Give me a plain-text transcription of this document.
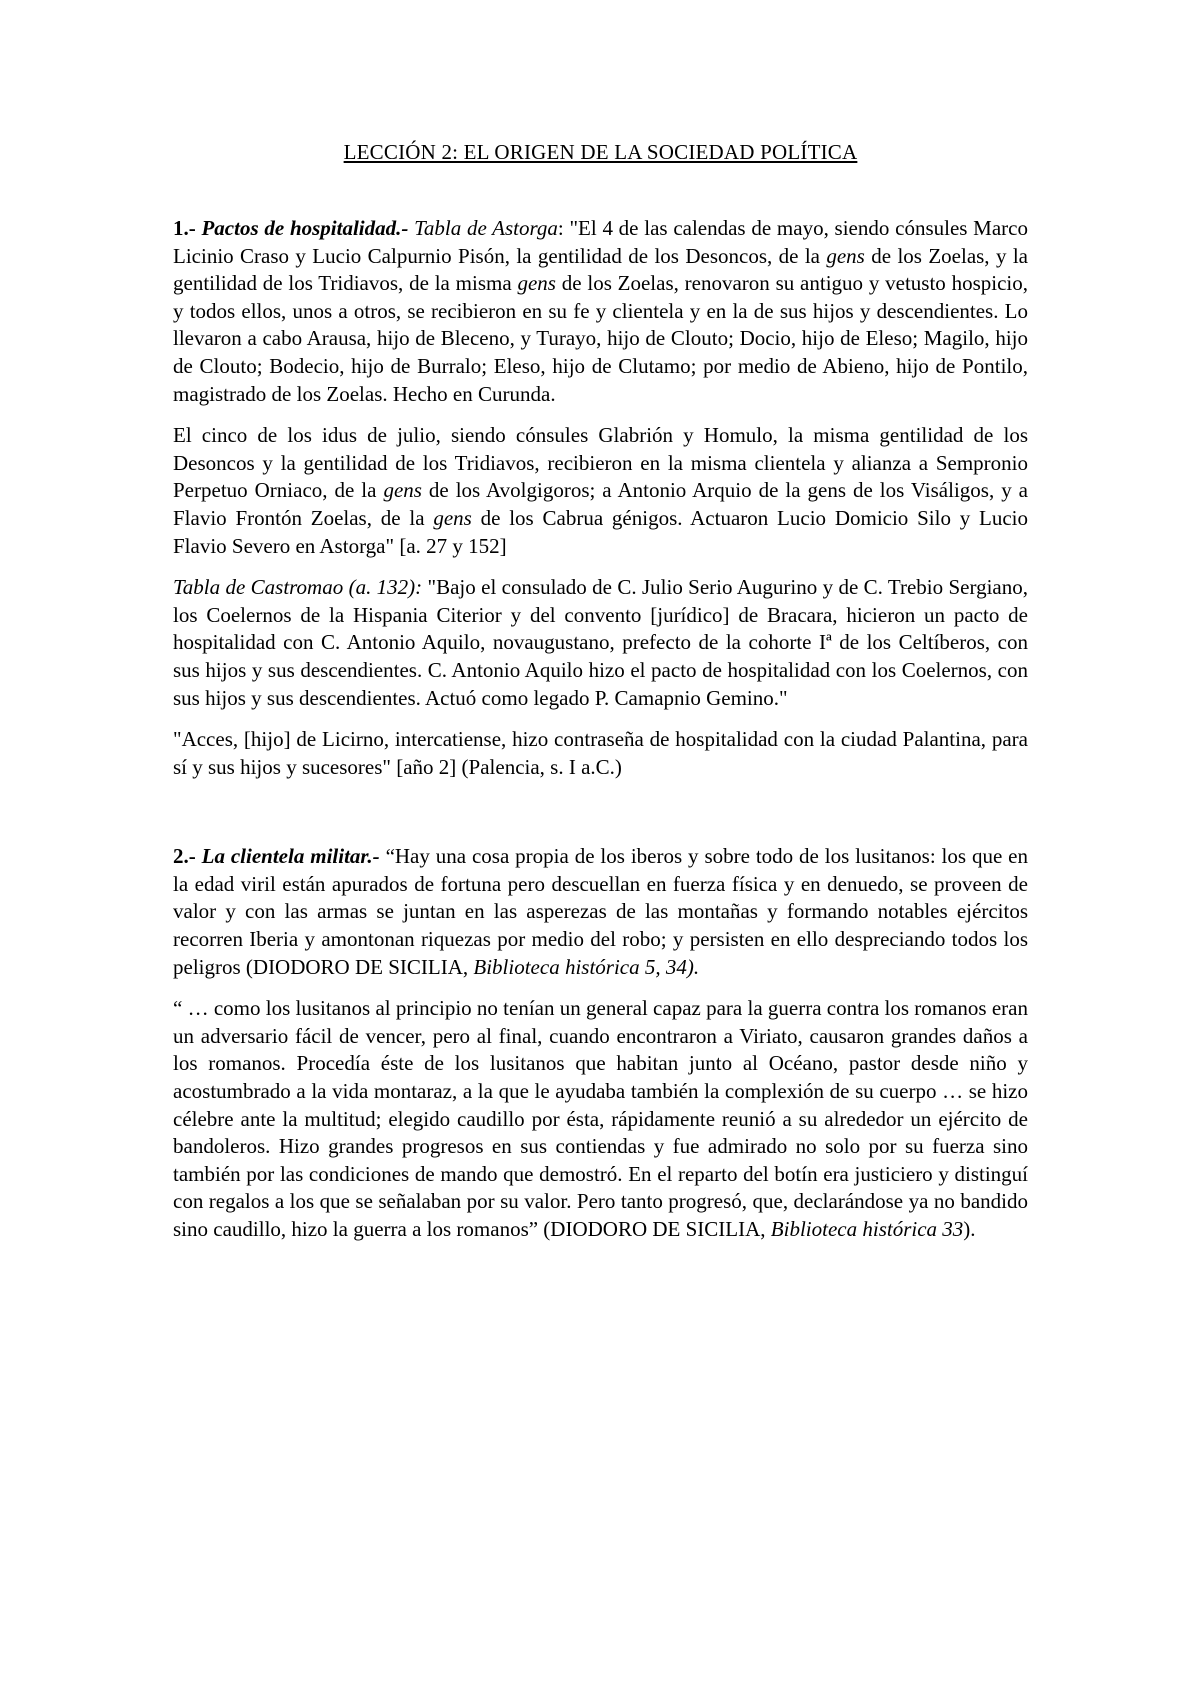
LECCIÓN 2: EL ORIGEN DE LA SOCIEDAD POLÍTICA

1.- Pactos de hospitalidad.- Tabla de Astorga: "El 4 de las calendas de mayo, siendo cónsules Marco Licinio Craso y Lucio Calpurnio Pisón, la gentilidad de los Desoncos, de la gens de los Zoelas, y la gentilidad de los Tridiavos, de la misma gens de los Zoelas, renovaron su antiguo y vetusto hospicio, y todos ellos, unos a otros, se recibieron en su fe y clientela y en la de sus hijos y descendientes. Lo llevaron a cabo Arausa, hijo de Bleceno, y Turayo, hijo de Clouto; Docio, hijo de Eleso; Magilo, hijo de Clouto; Bodecio, hijo de Burralo; Eleso, hijo de Clutamo; por medio de Abieno, hijo de Pontilo, magistrado de los Zoelas. Hecho en Curunda.

El cinco de los idus de julio, siendo cónsules Glabrión y Homulo, la misma gentilidad de los Desoncos y la gentilidad de los Tridiavos, recibieron en la misma clientela y alianza a Sempronio Perpetuo Orniaco, de la gens de los Avolgigoros; a Antonio Arquio de la gens de los Visáligos, y a Flavio Frontón Zoelas, de la gens de los Cabrua génigos. Actuaron Lucio Domicio Silo y Lucio Flavio Severo en Astorga" [a. 27 y 152]

Tabla de Castromao (a. 132): "Bajo el consulado de C. Julio Serio Augurino y de C. Trebio Sergiano, los Coelernos de la Hispania Citerior y del convento [jurídico] de Bracara, hicieron un pacto de hospitalidad con C. Antonio Aquilo, novaugustano, prefecto de la cohorte Iª de los Celtíberos, con sus hijos y sus descendientes. C. Antonio Aquilo hizo el pacto de hospitalidad con los Coelernos, con sus hijos y sus descendientes. Actuó como legado P. Camapnio Gemino."

"Acces, [hijo] de Licirno, intercatiense, hizo contraseña de hospitalidad con la ciudad Palantina, para sí y sus hijos y sucesores" [año 2] (Palencia, s. I a.C.)

2.- La clientela militar.- “Hay una cosa propia de los iberos y sobre todo de los lusitanos: los que en la edad viril están apurados de fortuna pero descuellan en fuerza física y en denuedo, se proveen de valor y con las armas se juntan en las asperezas de las montañas y formando notables ejércitos recorren Iberia y amontonan riquezas por medio del robo; y persisten en ello despreciando todos los peligros (DIODORO DE SICILIA, Biblioteca histórica 5, 34).

“ … como los lusitanos al principio no tenían un general capaz para la guerra contra los romanos eran un adversario fácil de vencer, pero al final, cuando encontraron a Viriato, causaron grandes daños a los romanos. Procedía éste de los lusitanos que habitan junto al Océano, pastor desde niño y acostumbrado a la vida montaraz, a la que le ayudaba también la complexión de su cuerpo … se hizo célebre ante la multitud; elegido caudillo por ésta, rápidamente reunió a su alrededor un ejército de bandoleros. Hizo grandes progresos en sus contiendas y fue admirado no solo por su fuerza sino también por las condiciones de mando que demostró. En el reparto del botín era justiciero y distinguí con regalos a los que se señalaban por su valor. Pero tanto progresó, que, declarándose ya no bandido sino caudillo, hizo la guerra a los romanos” (DIODORO DE SICILIA, Biblioteca histórica 33).
